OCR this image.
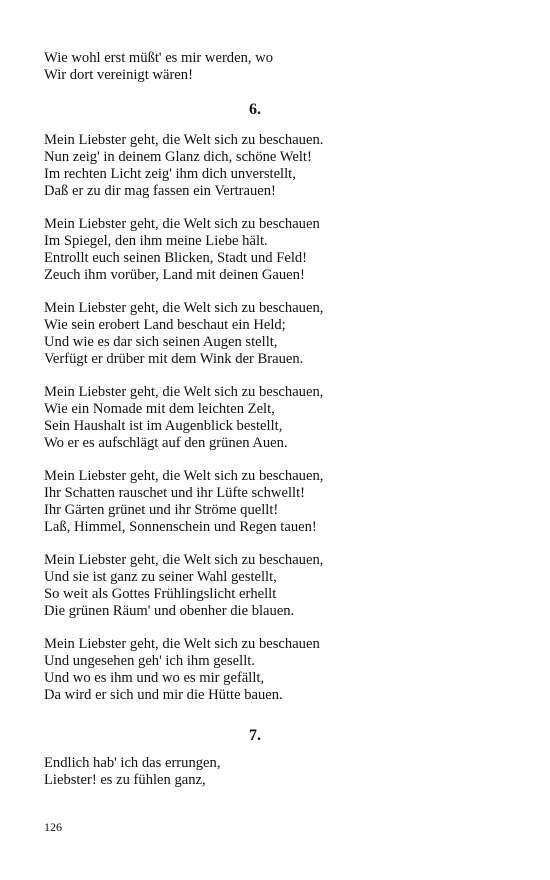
Wie wohl erst müßt' es mir werden, wo
Wir dort vereinigt wären!
6.
Mein Liebster geht, die Welt sich zu beschauen.
Nun zeig' in deinem Glanz dich, schöne Welt!
Im rechten Licht zeig' ihm dich unverstellt,
Daß er zu dir mag fassen ein Vertrauen!
Mein Liebster geht, die Welt sich zu beschauen
Im Spiegel, den ihm meine Liebe hält.
Entrollt euch seinen Blicken, Stadt und Feld!
Zeuch ihm vorüber, Land mit deinen Gauen!
Mein Liebster geht, die Welt sich zu beschauen,
Wie sein erobert Land beschaut ein Held;
Und wie es dar sich seinen Augen stellt,
Verfügt er drüber mit dem Wink der Brauen.
Mein Liebster geht, die Welt sich zu beschauen,
Wie ein Nomade mit dem leichten Zelt,
Sein Haushalt ist im Augenblick bestellt,
Wo er es aufschlägt auf den grünen Auen.
Mein Liebster geht, die Welt sich zu beschauen,
Ihr Schatten rauschet und ihr Lüfte schwellt!
Ihr Gärten grünet und ihr Ströme quellt!
Laß, Himmel, Sonnenschein und Regen tauen!
Mein Liebster geht, die Welt sich zu beschauen,
Und sie ist ganz zu seiner Wahl gestellt,
So weit als Gottes Frühlingslicht erhellt
Die grünen Räum' und obenher die blauen.
Mein Liebster geht, die Welt sich zu beschauen
Und ungesehen geh' ich ihm gesellt.
Und wo es ihm und wo es mir gefällt,
Da wird er sich und mir die Hütte bauen.
7.
Endlich hab' ich das errungen,
Liebster! es zu fühlen ganz,
126
